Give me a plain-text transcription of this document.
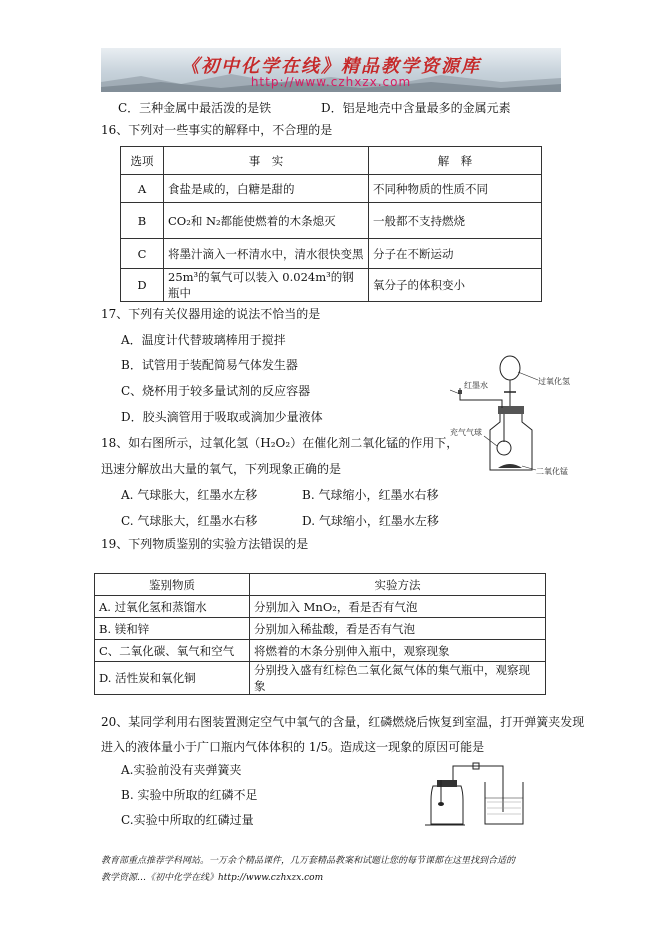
《初中化学在线》精品教学资源库
http://www.czhxzx.com
C．三种金属中最活泼的是铁	D．铝是地壳中含量最多的金属元素
16、下列对一些事实的解释中，不合理的是
选项	事　实	解　释
A	食盐是咸的，白糖是甜的	不同种物质的性质不同
B	CO₂和 N₂都能使燃着的木条熄灭	一般都不支持燃烧
C	将墨汁滴入一杯清水中，清水很快变黑	分子在不断运动
D	25m³的氧气可以装入 0.024m³的钢瓶中	氧分子的体积变小
17、下列有关仪器用途的说法不恰当的是
A．温度计代替玻璃棒用于搅拌
B．试管用于装配简易气体发生器
C、烧杯用于较多量试剂的反应容器
D．胶头滴管用于吸取或滴加少量液体
过氧化氢
红墨水
充气气球
二氧化锰
18、如右图所示，过氧化氢（H₂O₂）在催化剂二氧化锰的作用下，
迅速分解放出大量的氧气，下列现象正确的是
A. 气球胀大，红墨水左移	B. 气球缩小，红墨水右移
C. 气球胀大，红墨水右移	D. 气球缩小，红墨水左移
19、下列物质鉴别的实验方法错误的是
鉴别物质	实验方法
A. 过氧化氢和蒸馏水	分别加入 MnO₂，看是否有气泡
B. 镁和锌	分别加入稀盐酸，看是否有气泡
C、二氧化碳、氧气和空气	将燃着的木条分别伸入瓶中，观察现象
D. 活性炭和氧化铜	分别投入盛有红棕色二氧化氮气体的集气瓶中，观察现象
20、某同学利用右图装置测定空气中氧气的含量，红磷燃烧后恢复到室温，打开弹簧夹发现
进入的液体量小于广口瓶内气体体积的 1/5。造成这一现象的原因可能是
A.实验前没有夹弹簧夹
B. 实验中所取的红磷不足
C.实验中所取的红磷过量
教育部重点推荐学科网站。一万余个精品课件，几万套精品教案和试题让您的每节课都在这里找到合适的
教学资源…《初中化学在线》http://www.czhxzx.com
